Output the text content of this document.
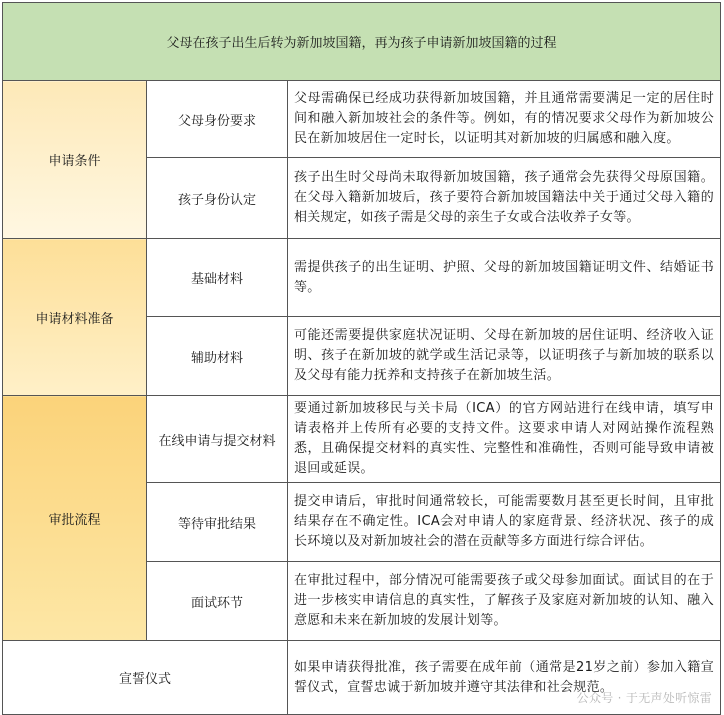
父母在孩子出生后转为新加坡国籍，再为孩子申请新加坡国籍的过程		
申请条件	父母身份要求	父母需确保已经成功获得新加坡国籍，并且通常需要满足一定的居住时间和融入新加坡社会的条件等。例如，有的情况要求父母作为新加坡公民在新加坡居住一定时长，以证明其对新加坡的归属感和融入度。
	孩子身份认定	孩子出生时父母尚未取得新加坡国籍，孩子通常会先获得父母原国籍。在父母入籍新加坡后，孩子要符合新加坡国籍法中关于通过父母入籍的相关规定，如孩子需是父母的亲生子女或合法收养子女等。
申请材料准备	基础材料	需提供孩子的出生证明、护照、父母的新加坡国籍证明文件、结婚证书等。
	辅助材料	可能还需要提供家庭状况证明、父母在新加坡的居住证明、经济收入证明、孩子在新加坡的就学或生活记录等，以证明孩子与新加坡的联系以及父母有能力抚养和支持孩子在新加坡生活。
审批流程	在线申请与提交材料	要通过新加坡移民与关卡局（ICA）的官方网站进行在线申请，填写申请表格并上传所有必要的支持文件。这要求申请人对网站操作流程熟悉，且确保提交材料的真实性、完整性和准确性，否则可能导致申请被退回或延误。
	等待审批结果	提交申请后，审批时间通常较长，可能需要数月甚至更长时间，且审批结果存在不确定性。ICA会对申请人的家庭背景、经济状况、孩子的成长环境以及对新加坡社会的潜在贡献等多方面进行综合评估。
	面试环节	在审批过程中，部分情况可能需要孩子或父母参加面试。面试目的在于进一步核实申请信息的真实性，了解孩子及家庭对新加坡的认知、融入意愿和未来在新加坡的发展计划等。
宣誓仪式		如果申请获得批准，孩子需要在成年前（通常是21岁之前）参加入籍宣誓仪式，宣誓忠诚于新加坡并遵守其法律和社会规范。
公众号 · 于无声处听惊雷
